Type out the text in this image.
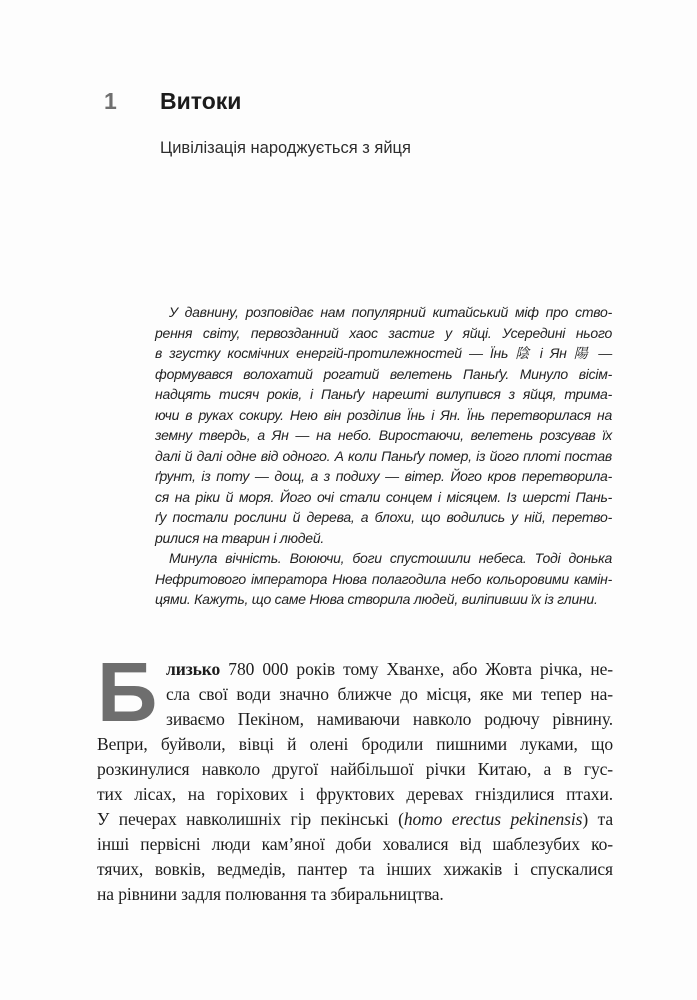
1 Витоки
Цивілізація народжується з яйця
У давнину, розповідає нам популярний китайський міф про ство-
рення світу, первозданний хаос застиг у яйці. Усередині нього
в згустку космічних енергій-протилежностей — Їнь 陰 і Ян 陽 —
формувався волохатий рогатий велетень Паньґу. Минуло вісім-
надцять тисяч років, і Паньґу нарешті вилупився з яйця, трима-
ючи в руках сокиру. Нею він розділив Їнь і Ян. Їнь перетворилася на
земну твердь, а Ян — на небо. Виростаючи, велетень розсував їх
далі й далі одне від одного. А коли Паньґу помер, із його плоті постав
ґрунт, із поту — дощ, а з подиху — вітер. Його кров перетворила-
ся на ріки й моря. Його очі стали сонцем і місяцем. Із шерсті Пань-
ґу постали рослини й дерева, а блохи, що водились у ній, перетво-
рилися на тварин і людей.
Минула вічність. Воюючи, боги спустошили небеса. Тоді донька
Нефритового імператора Нюва полагодила небо кольоровими камін-
цями. Кажуть, що саме Нюва створила людей, виліпивши їх із глини.
Б лизько 780 000 років тому Хванхе, або Жовта річка, не-
сла свої води значно ближче до місця, яке ми тепер на-
зиваємо Пекіном, намиваючи навколо родючу рівнину.
Вепри, буйволи, вівці й олені бродили пишними луками, що
розкинулися навколо другої найбільшої річки Китаю, а в гус-
тих лісах, на горіхових і фруктових деревах гніздилися птахи.
У печерах навколишніх гір пекінські (homo erectus pekinensis) та
інші первісні люди кам’яної доби ховалися від шаблезубих ко-
тячих, вовків, ведмедів, пантер та інших хижаків і спускалися
на рівнини задля полювання та збиральництва.
